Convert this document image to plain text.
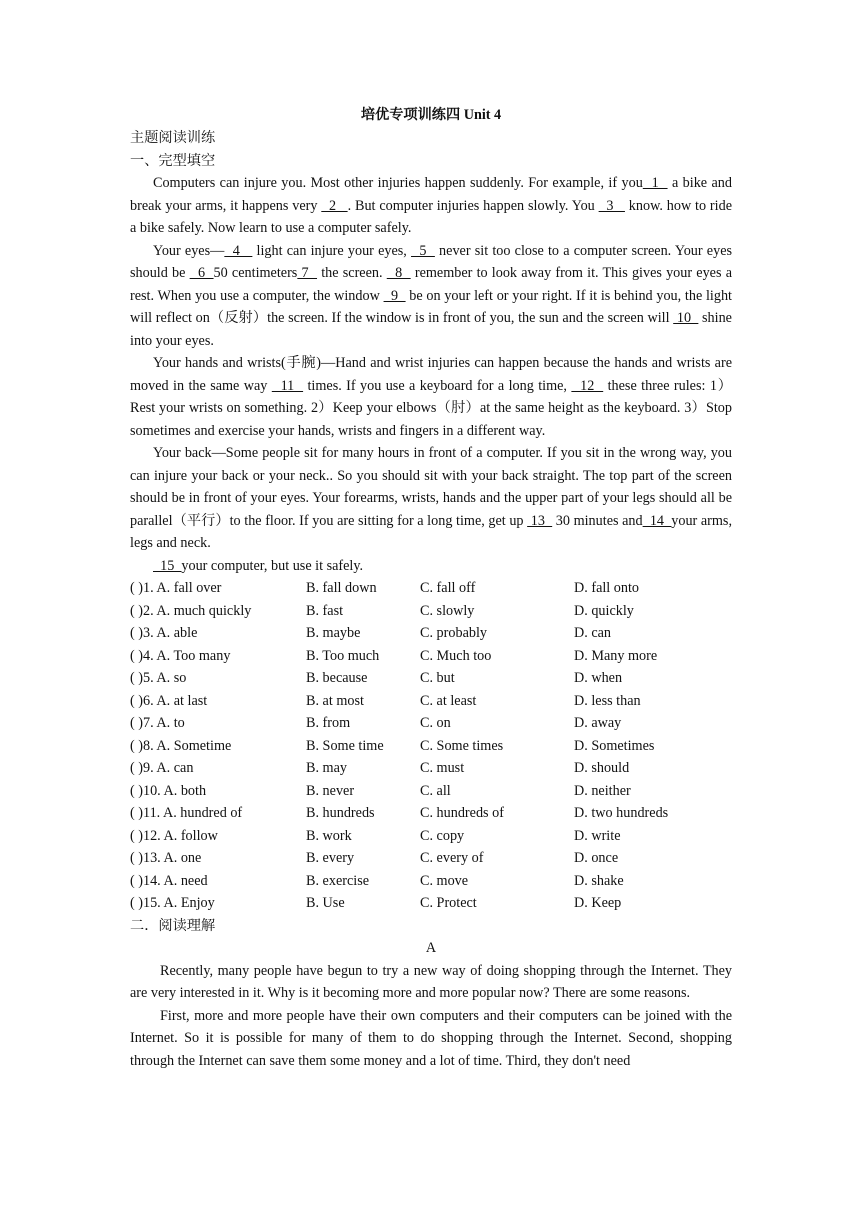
培优专项训练四 Unit 4
主题阅读训练
一、完型填空
Computers can injure you. Most other injuries happen suddenly. For example, if you  1   a bike and break your arms, it happens very   2   . But computer injuries happen slowly. You   3    know. how to ride a bike safely. Now learn to use a computer safely.
Your eyes—  4    light can injure your eyes,   5   never sit too close to a computer screen. Your eyes should be   6  50 centimeters 7   the screen.   8   remember to look away from it. This gives your eyes a rest. When you use a computer, the window   9   be on your left or your right. If it is behind you, the light will reflect on（反射）the screen. If the window is in front of you, the sun and the screen will  10   shine into your eyes.
Your hands and wrists(手腕)—Hand and wrist injuries can happen because the hands and wrists are moved in the same way   11   times. If you use a keyboard for a long time,   12   these three rules: 1）Rest your wrists on something. 2）Keep your elbows（肘）at the same height as the keyboard. 3）Stop sometimes and exercise your hands, wrists and fingers in a different way.
Your back—Some people sit for many hours in front of a computer. If you sit in the wrong way, you can injure your back or your neck.. So you should sit with your back straight. The top part of the screen should be in front of your eyes. Your forearms, wrists, hands and the upper part of your legs should all be parallel（平行）to the floor. If you are sitting for a long time, get up  13   30 minutes and  14  your arms, legs and neck.
15  your computer, but use it safely.
( )1. A. fall over	B. fall down	C. fall off	D. fall onto
( )2. A. much quickly	B. fast	C. slowly	D. quickly
( )3. A. able	B. maybe	C. probably	D. can
( )4. A. Too many	B. Too much	C. Much too	D. Many more
( )5. A. so	B. because	C. but	D. when
( )6. A. at last	B. at most	C. at least	D. less than
( )7. A. to	B. from	C. on	D. away
( )8. A. Sometime	B. Some time	C. Some times	D. Sometimes
( )9. A. can	B. may	C. must	D. should
( )10. A. both	B. never	C. all	D. neither
( )11. A. hundred of	B. hundreds	C. hundreds of	D. two hundreds
( )12. A. follow	B. work	C. copy	D. write
( )13. A. one	B. every	C. every of	D. once
( )14. A. need	B. exercise	C. move	D. shake
( )15. A. Enjoy	B. Use	C. Protect	D. Keep
二．阅读理解
A
Recently, many people have begun to try a new way of doing shopping through the Internet. They are very interested in it. Why is it becoming more and more popular now? There are some reasons.
First, more and more people have their own computers and their computers can be joined with the Internet. So it is possible for many of them to do shopping through the Internet. Second, shopping through the Internet can save them some money and a lot of time. Third, they don't need
